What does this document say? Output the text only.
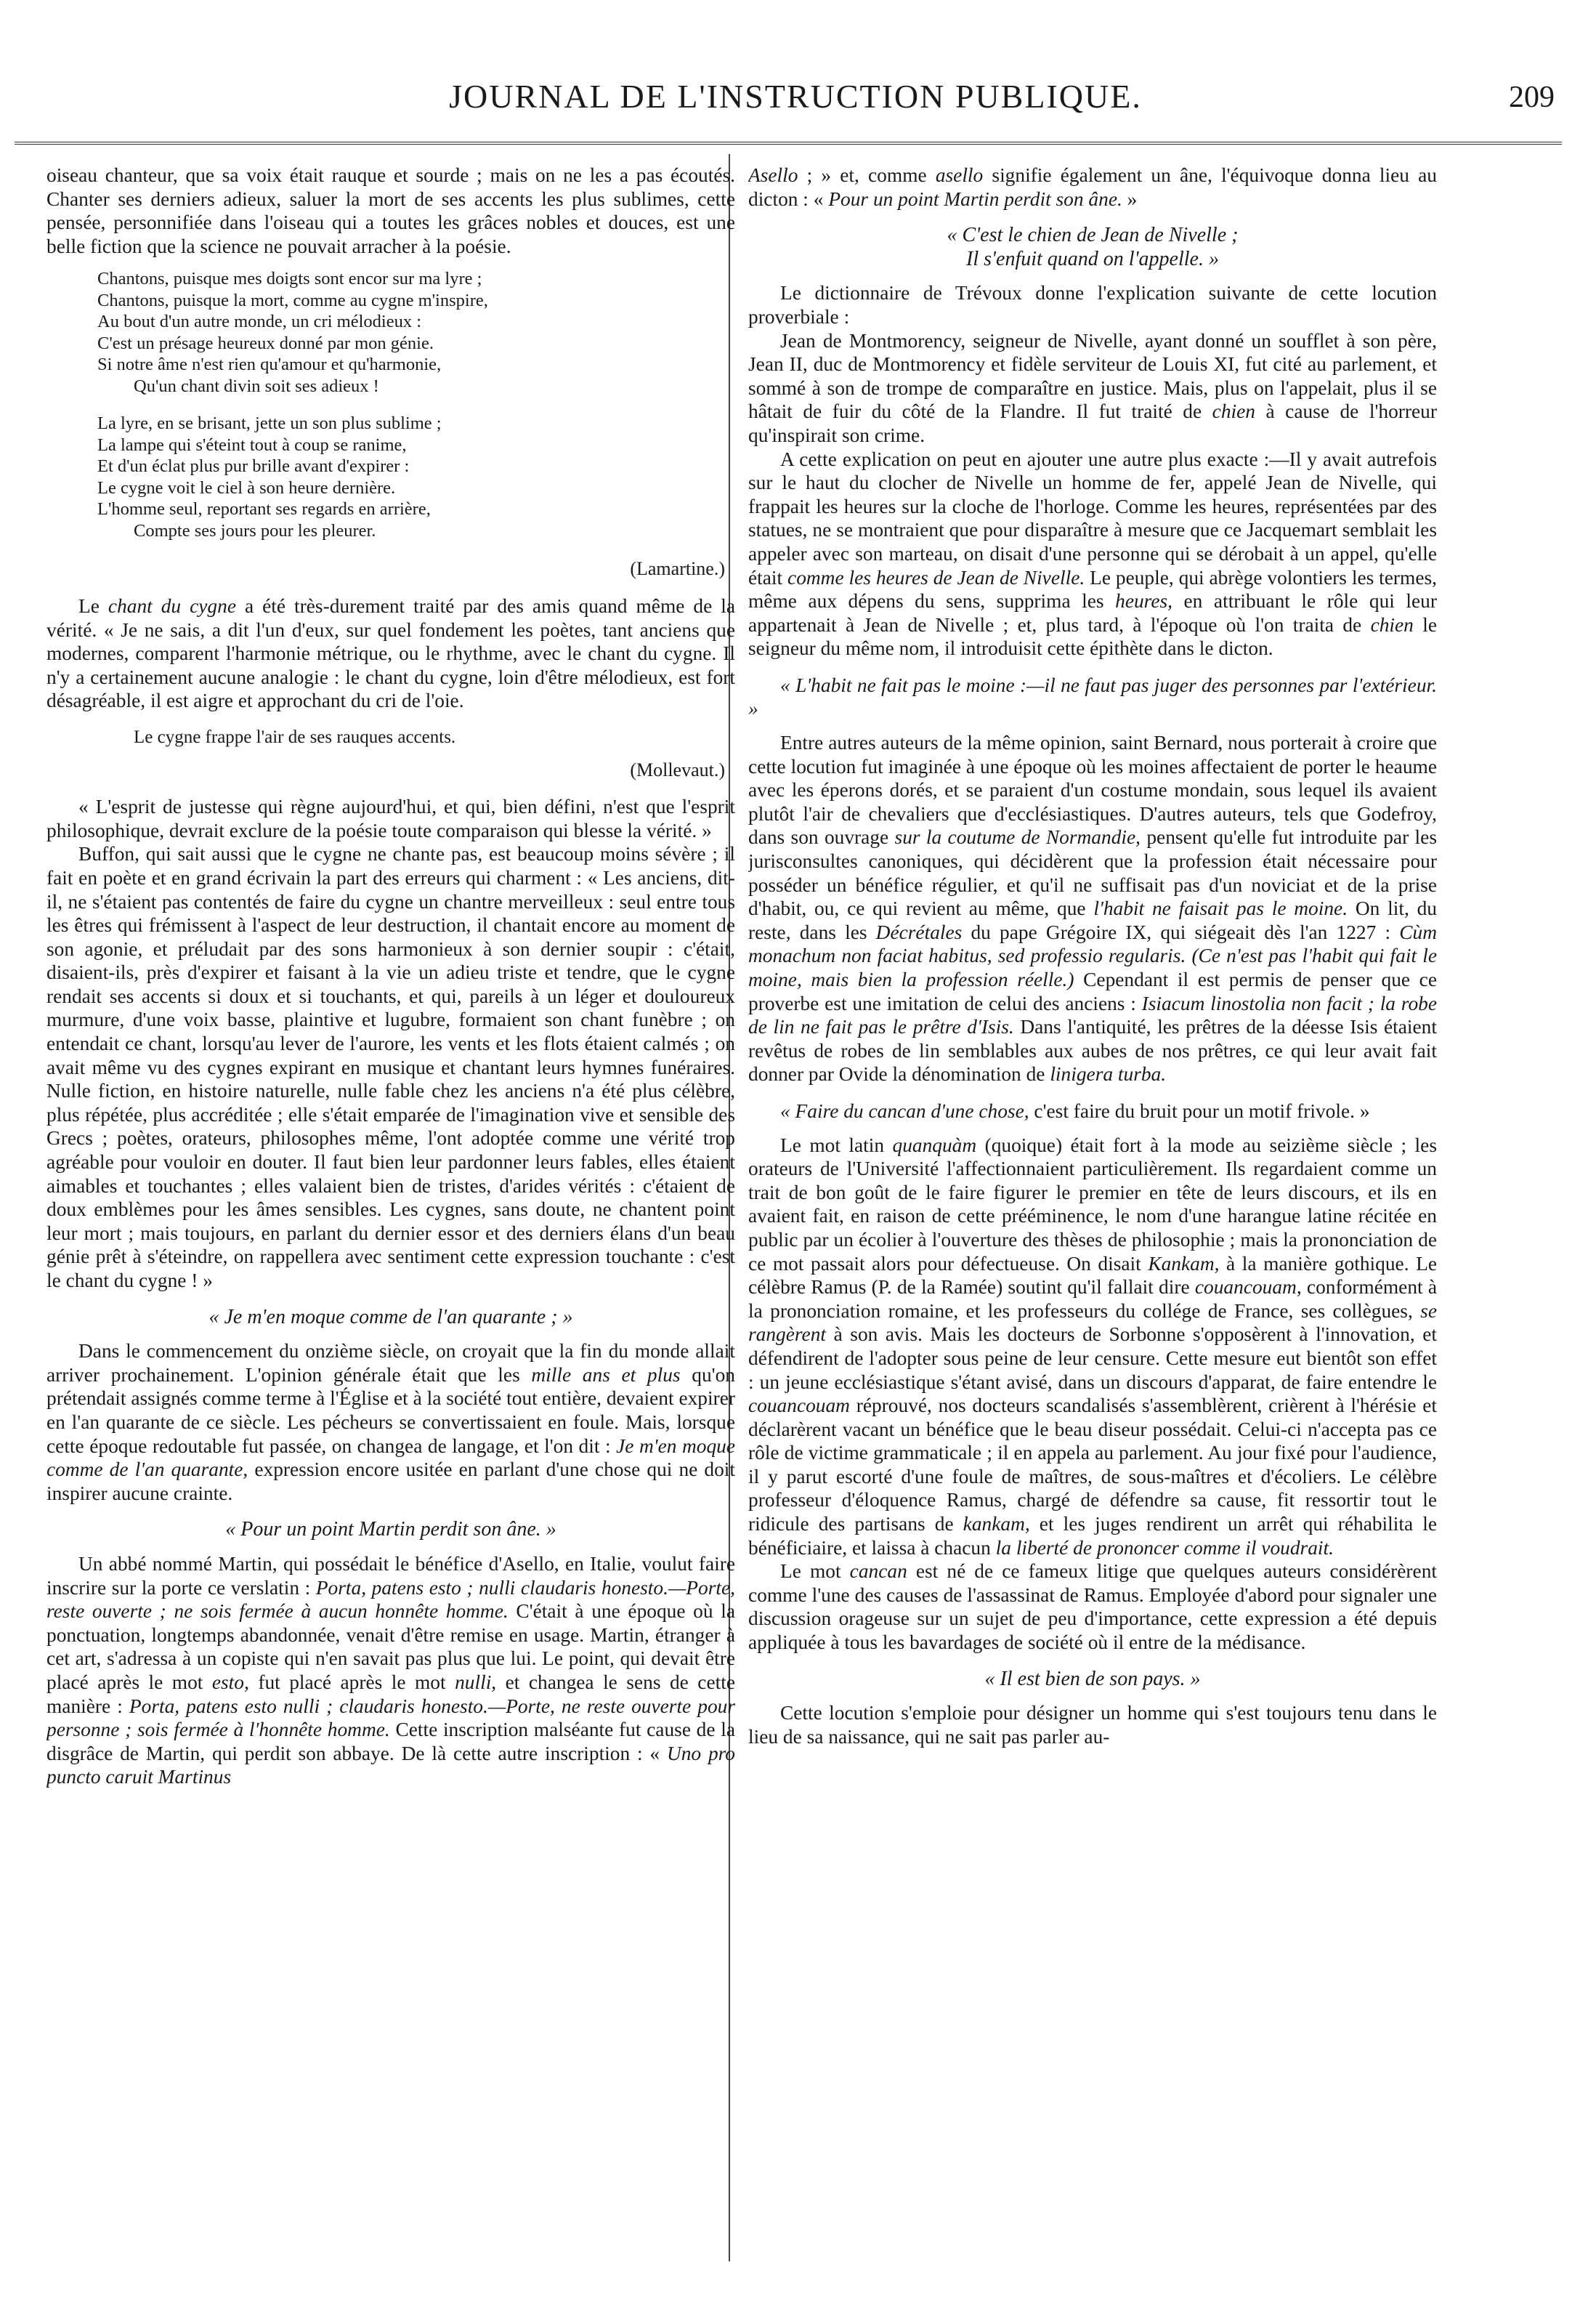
JOURNAL DE L'INSTRUCTION PUBLIQUE.	209

oiseau chanteur, que sa voix était rauque et sourde ; mais on ne les a pas écoutés. Chanter ses derniers adieux, saluer la mort de ses accents les plus sublimes, cette pensée, personnifiée dans l'oiseau qui a toutes les grâces nobles et douces, est une belle fiction que la science ne pouvait arracher à la poésie.

Chantons, puisque mes doigts sont encor sur ma lyre ;
Chantons, puisque la mort, comme au cygne m'inspire,
Au bout d'un autre monde, un cri mélodieux :
C'est un présage heureux donné par mon génie.
Si notre âme n'est rien qu'amour et qu'harmonie,
Qu'un chant divin soit ses adieux !
La lyre, en se brisant, jette un son plus sublime ;
La lampe qui s'éteint tout à coup se ranime,
Et d'un éclat plus pur brille avant d'expirer :
Le cygne voit le ciel à son heure dernière.
L'homme seul, reportant ses regards en arrière,
Compte ses jours pour les pleurer.
(Lamartine.)

Le chant du cygne a été très-durement traité par des amis quand même de la vérité. « Je ne sais, a dit l'un d'eux, sur quel fondement les poètes, tant anciens que modernes, comparent l'harmonie métrique, ou le rhythme, avec le chant du cygne. Il n'y a certainement aucune analogie : le chant du cygne, loin d'être mélodieux, est fort désagréable, il est aigre et approchant du cri de l'oie.

Le cygne frappe l'air de ses rauques accents.
(Mollevaut.)

« L'esprit de justesse qui règne aujourd'hui, et qui, bien défini, n'est que l'esprit philosophique, devrait exclure de la poésie toute comparaison qui blesse la vérité. »

Buffon, qui sait aussi que le cygne ne chante pas, est beaucoup moins sévère ; il fait en poète et en grand écrivain la part des erreurs qui charment : « Les anciens, dit-il, ne s'étaient pas contentés de faire du cygne un chantre merveilleux : seul entre tous les êtres qui frémissent à l'aspect de leur destruction, il chantait encore au moment de son agonie, et préludait par des sons harmonieux à son dernier soupir : c'était, disaient-ils, près d'expirer et faisant à la vie un adieu triste et tendre, que le cygne rendait ses accents si doux et si touchants, et qui, pareils à un léger et douloureux murmure, d'une voix basse, plaintive et lugubre, formaient son chant funèbre ; on entendait ce chant, lorsqu'au lever de l'aurore, les vents et les flots étaient calmés ; on avait même vu des cygnes expirant en musique et chantant leurs hymnes funéraires. Nulle fiction, en histoire naturelle, nulle fable chez les anciens n'a été plus célèbre, plus répétée, plus accréditée ; elle s'était emparée de l'imagination vive et sensible des Grecs ; poètes, orateurs, philosophes même, l'ont adoptée comme une vérité trop agréable pour vouloir en douter. Il faut bien leur pardonner leurs fables, elles étaient aimables et touchantes ; elles valaient bien de tristes, d'arides vérités : c'étaient de doux emblèmes pour les âmes sensibles. Les cygnes, sans doute, ne chantent point leur mort ; mais toujours, en parlant du dernier essor et des derniers élans d'un beau génie prêt à s'éteindre, on rappellera avec sentiment cette expression touchante : c'est le chant du cygne ! »

« Je m'en moque comme de l'an quarante ; »

Dans le commencement du onzième siècle, on croyait que la fin du monde allait arriver prochainement. L'opinion générale était que les mille ans et plus qu'on prétendait assignés comme terme à l'Église et à la société tout entière, devaient expirer en l'an quarante de ce siècle. Les pécheurs se convertissaient en foule. Mais, lorsque cette époque redoutable fut passée, on changea de langage, et l'on dit : Je m'en moque comme de l'an quarante, expression encore usitée en parlant d'une chose qui ne doit inspirer aucune crainte.

« Pour un point Martin perdit son âne. »

Un abbé nommé Martin, qui possédait le bénéfice d'Asello, en Italie, voulut faire inscrire sur la porte ce verslatin : Porta, patens esto ; nulli claudaris honesto.—Porte, reste ouverte ; ne sois fermée à aucun honnête homme. C'était à une époque où la ponctuation, longtemps abandonnée, venait d'être remise en usage. Martin, étranger à cet art, s'adressa à un copiste qui n'en savait pas plus que lui. Le point, qui devait être placé après le mot esto, fut placé après le mot nulli, et changea le sens de cette manière : Porta, patens esto nulli ; claudaris honesto.—Porte, ne reste ouverte pour personne ; sois fermée à l'honnête homme. Cette inscription malséante fut cause de la disgrâce de Martin, qui perdit son abbaye. De là cette autre inscription : « Uno pro puncto caruit Martinus

Asello ; » et, comme asello signifie également un âne, l'équivoque donna lieu au dicton : « Pour un point Martin perdit son âne. »

« C'est le chien de Jean de Nivelle ;
Il s'enfuit quand on l'appelle. »

Le dictionnaire de Trévoux donne l'explication suivante de cette locution proverbiale :

Jean de Montmorency, seigneur de Nivelle, ayant donné un soufflet à son père, Jean II, duc de Montmorency et fidèle serviteur de Louis XI, fut cité au parlement, et sommé à son de trompe de comparaître en justice. Mais, plus on l'appelait, plus il se hâtait de fuir du côté de la Flandre. Il fut traité de chien à cause de l'horreur qu'inspirait son crime.

A cette explication on peut en ajouter une autre plus exacte :—Il y avait autrefois sur le haut du clocher de Nivelle un homme de fer, appelé Jean de Nivelle, qui frappait les heures sur la cloche de l'horloge. Comme les heures, représentées par des statues, ne se montraient que pour disparaître à mesure que ce Jacquemart semblait les appeler avec son marteau, on disait d'une personne qui se dérobait à un appel, qu'elle était comme les heures de Jean de Nivelle. Le peuple, qui abrège volontiers les termes, même aux dépens du sens, supprima les heures, en attribuant le rôle qui leur appartenait à Jean de Nivelle ; et, plus tard, à l'époque où l'on traita de chien le seigneur du même nom, il introduisit cette épithète dans le dicton.

« L'habit ne fait pas le moine :—il ne faut pas juger des personnes par l'extérieur. »

Entre autres auteurs de la même opinion, saint Bernard, nous porterait à croire que cette locution fut imaginée à une époque où les moines affectaient de porter le heaume avec les éperons dorés, et se paraient d'un costume mondain, sous lequel ils avaient plutôt l'air de chevaliers que d'ecclésiastiques. D'autres auteurs, tels que Godefroy, dans son ouvrage sur la coutume de Normandie, pensent qu'elle fut introduite par les jurisconsultes canoniques, qui décidèrent que la profession était nécessaire pour posséder un bénéfice régulier, et qu'il ne suffisait pas d'un noviciat et de la prise d'habit, ou, ce qui revient au même, que l'habit ne faisait pas le moine. On lit, du reste, dans les Décrétales du pape Grégoire IX, qui siégeait dès l'an 1227 : Cùm monachum non faciat habitus, sed professio regularis. (Ce n'est pas l'habit qui fait le moine, mais bien la profession réelle.) Cependant il est permis de penser que ce proverbe est une imitation de celui des anciens : Isiacum linostolia non facit ; la robe de lin ne fait pas le prêtre d'Isis. Dans l'antiquité, les prêtres de la déesse Isis étaient revêtus de robes de lin semblables aux aubes de nos prêtres, ce qui leur avait fait donner par Ovide la dénomination de linigera turba.

« Faire du cancan d'une chose, c'est faire du bruit pour un motif frivole. »

Le mot latin quanquàm (quoique) était fort à la mode au seizième siècle ; les orateurs de l'Université l'affectionnaient particulièrement. Ils regardaient comme un trait de bon goût de le faire figurer le premier en tête de leurs discours, et ils en avaient fait, en raison de cette prééminence, le nom d'une harangue latine récitée en public par un écolier à l'ouverture des thèses de philosophie ; mais la prononciation de ce mot passait alors pour défectueuse. On disait Kankam, à la manière gothique. Le célèbre Ramus (P. de la Ramée) soutint qu'il fallait dire couancouam, conformément à la prononciation romaine, et les professeurs du collége de France, ses collègues, se rangèrent à son avis. Mais les docteurs de Sorbonne s'opposèrent à l'innovation, et défendirent de l'adopter sous peine de leur censure. Cette mesure eut bientôt son effet : un jeune ecclésiastique s'étant avisé, dans un discours d'apparat, de faire entendre le couancouam réprouvé, nos docteurs scandalisés s'assemblèrent, crièrent à l'hérésie et déclarèrent vacant un bénéfice que le beau diseur possédait. Celui-ci n'accepta pas ce rôle de victime grammaticale ; il en appela au parlement. Au jour fixé pour l'audience, il y parut escorté d'une foule de maîtres, de sous-maîtres et d'écoliers. Le célèbre professeur d'éloquence Ramus, chargé de défendre sa cause, fit ressortir tout le ridicule des partisans de kankam, et les juges rendirent un arrêt qui réhabilita le bénéficiaire, et laissa à chacun la liberté de prononcer comme il voudrait.

Le mot cancan est né de ce fameux litige que quelques auteurs considérèrent comme l'une des causes de l'assassinat de Ramus. Employée d'abord pour signaler une discussion orageuse sur un sujet de peu d'importance, cette expression a été depuis appliquée à tous les bavardages de société où il entre de la médisance.

« Il est bien de son pays. »

Cette locution s'emploie pour désigner un homme qui s'est toujours tenu dans le lieu de sa naissance, qui ne sait pas parler au-
